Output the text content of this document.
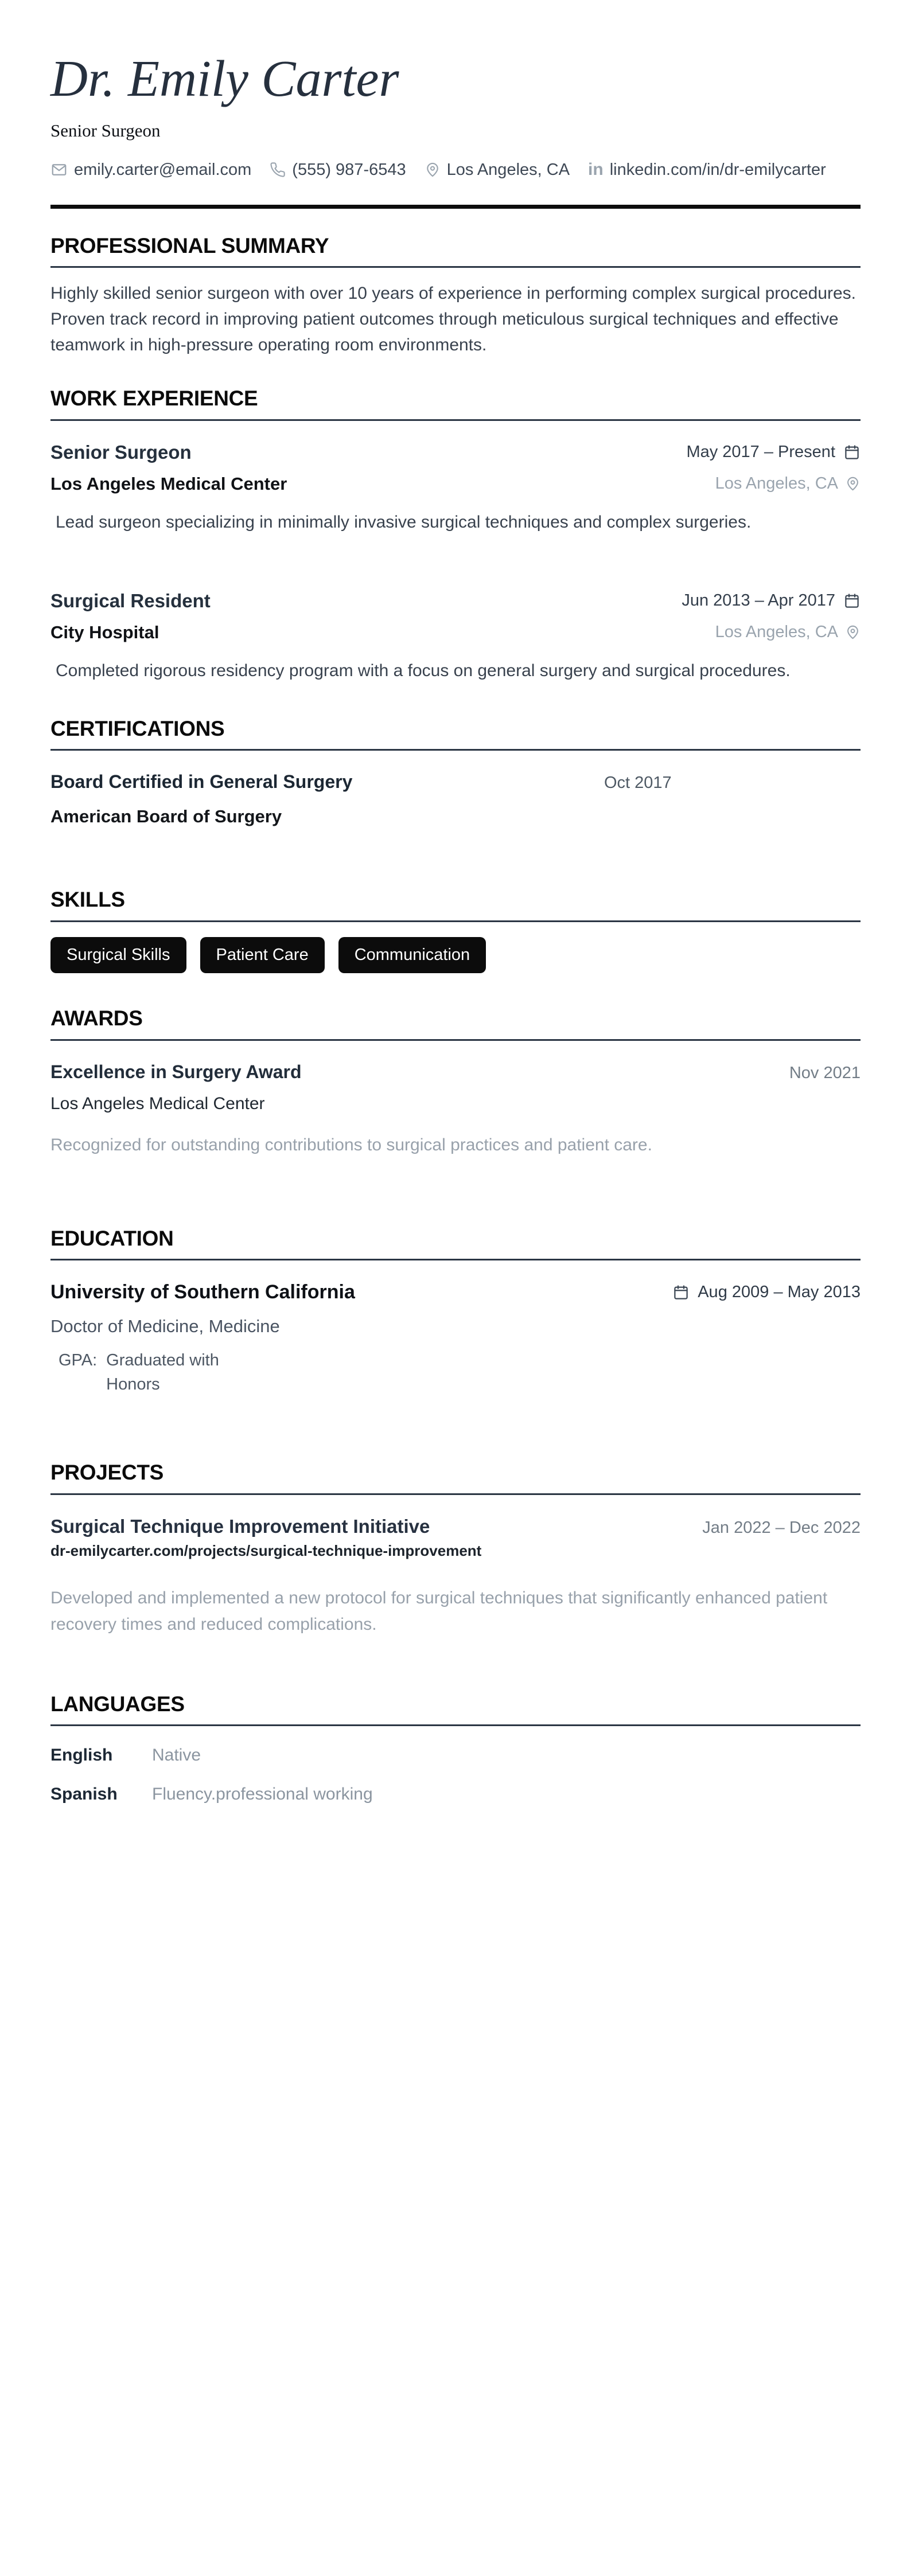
Dr. Emily Carter
Senior Surgeon
emily.carter@email.com (555) 987-6543 Los Angeles, CA in linkedin.com/in/dr-emilycarter
PROFESSIONAL SUMMARY

Highly skilled senior surgeon with over 10 years of experience in performing complex surgical procedures. Proven track record in improving patient outcomes through meticulous surgical techniques and effective teamwork in high-pressure operating room environments.

WORK EXPERIENCE
Senior Surgeon	May 2017 – Present
Los Angeles Medical Center	Los Angeles, CA
Lead surgeon specializing in minimally invasive surgical techniques and complex surgeries.
Surgical Resident	Jun 2013 – Apr 2017
City Hospital	Los Angeles, CA
Completed rigorous residency program with a focus on general surgery and surgical procedures.
CERTIFICATIONS
Board Certified in General Surgery	Oct 2017
American Board of Surgery
SKILLS
Surgical Skills	Patient Care	Communication
AWARDS
Excellence in Surgery Award	Nov 2021
Los Angeles Medical Center
Recognized for outstanding contributions to surgical practices and patient care.
EDUCATION
University of Southern California	Aug 2009 – May 2013
Doctor of Medicine, Medicine
GPA: Graduated with Honors
PROJECTS
Surgical Technique Improvement Initiative	Jan 2022 – Dec 2022
dr-emilycarter.com/projects/surgical-technique-improvement
Developed and implemented a new protocol for surgical techniques that significantly enhanced patient recovery times and reduced complications.
LANGUAGES
English	Native
Spanish	Fluency.professional working
